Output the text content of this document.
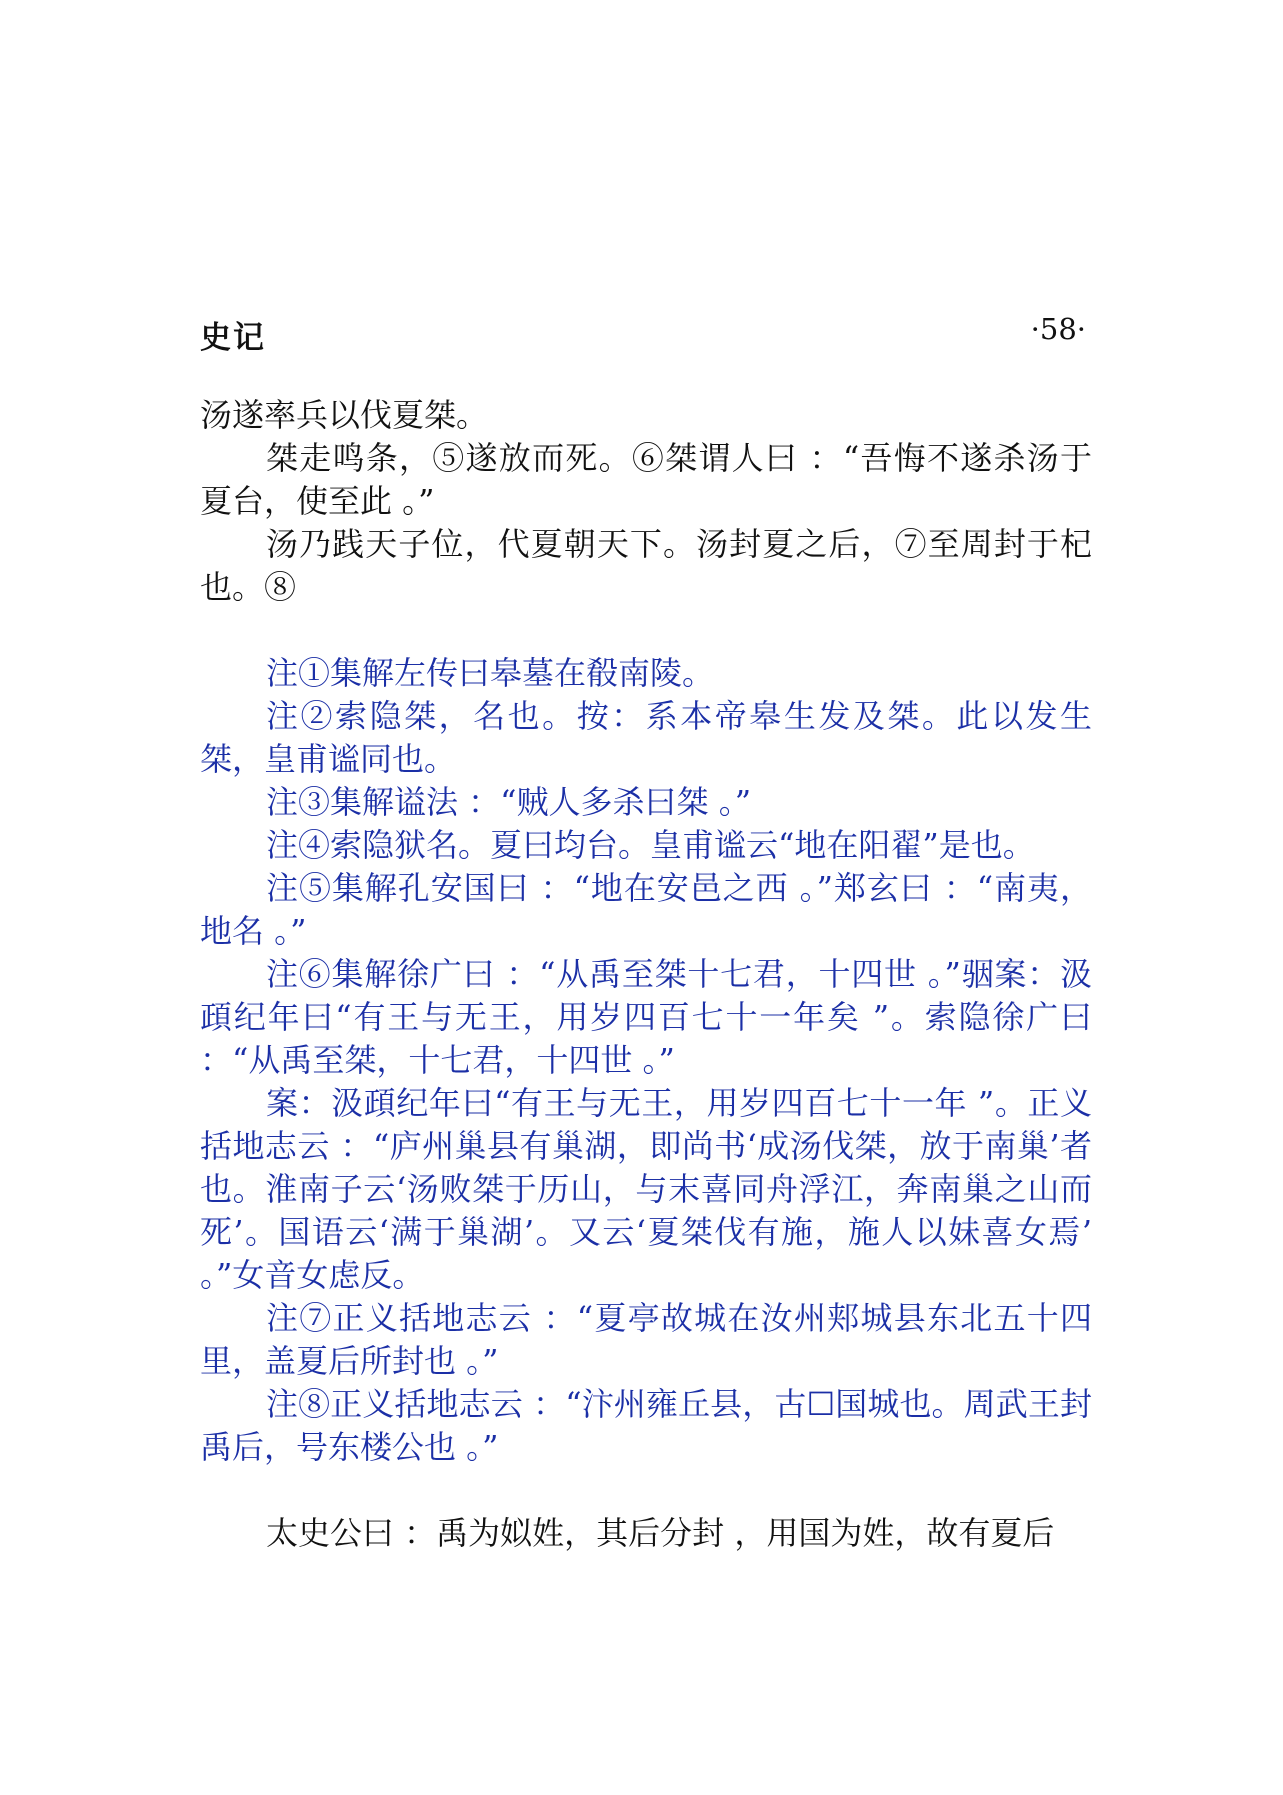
史记	·58·

汤遂率兵以伐夏桀。

桀走鸣条，⑤遂放而死。⑥桀谓人曰 ：“吾悔不遂杀汤于夏台，使至此 。”

汤乃践天子位，代夏朝天下。汤封夏之后，⑦至周封于杞也。⑧

注①集解左传曰皋墓在殽南陵。

注②索隐桀，名也。按：系本帝皋生发及桀。此以发生桀，皇甫谧同也。

注③集解谥法 ：“贼人多杀曰桀 。”

注④索隐狱名。夏曰均台。皇甫谧云“地在阳翟”是也。

注⑤集解孔安国曰 ：“地在安邑之西 。”郑玄曰 ：“南夷，地名 。”

注⑥集解徐广曰 ：“从禹至桀十七君，十四世 。”骃案：汲頙纪年曰“有王与无王，用岁四百七十一年矣 ”。索隐徐广曰 ：“从禹至桀，十七君，十四世 。”

案：汲頙纪年曰“有王与无王，用岁四百七十一年 ”。正义括地志云 ：“庐州巢县有巢湖，即尚书‘成汤伐桀，放于南巢’者也。淮南子云‘汤败桀于历山，与末喜同舟浮江，奔南巢之山而死’。国语云‘满于巢湖’。又云‘夏桀伐有施，施人以妹喜女焉’ 。”女音女虑反。

注⑦正义括地志云 ：“夏亭故城在汝州郏城县东北五十四里，盖夏后所封也 。”

注⑧正义括地志云 ：“汴州雍丘县，古☐国城也。周武王封禹后，号东楼公也 。”

太史公曰 ：禹为姒姓，其后分封 ，用国为姓，故有夏后
